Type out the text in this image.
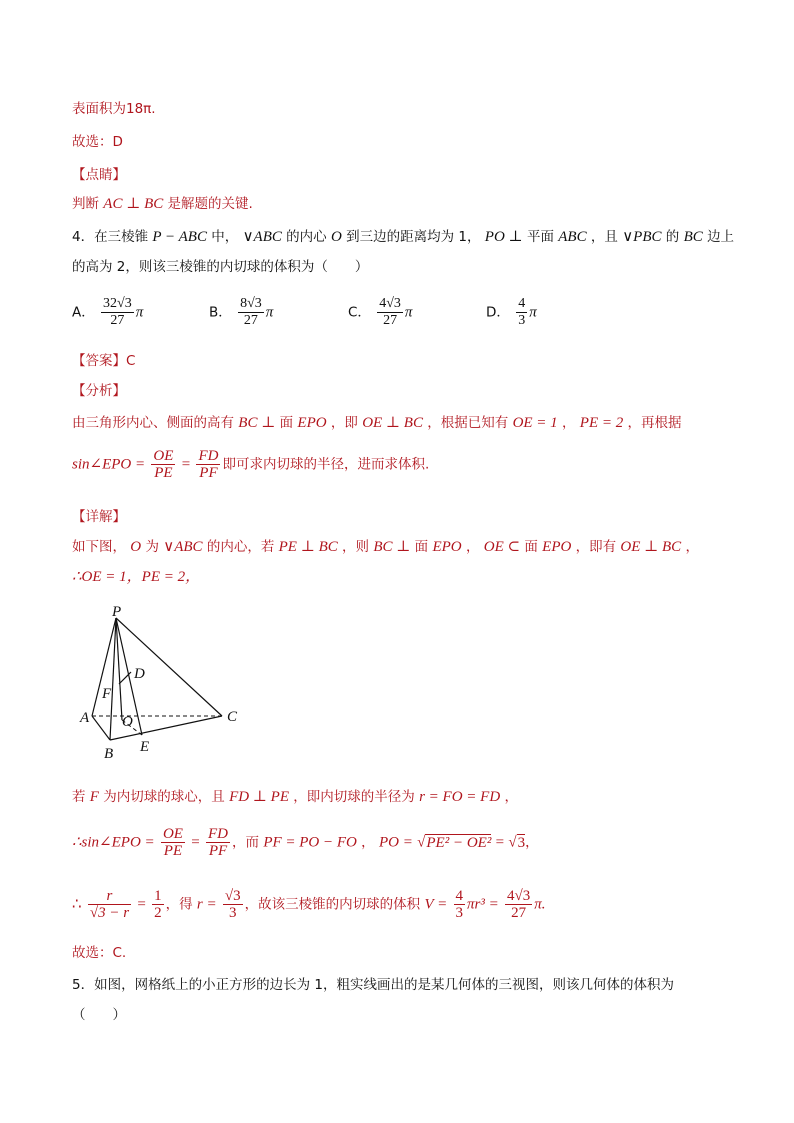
表面积为18π.
故选：D
【点睛】
判断 AC ⊥ BC 是解题的关键.
4．在三棱锥 P − ABC 中， ∨ABC 的内心 O 到三边的距离均为 1， PO ⊥ 平面 ABC ，且 ∨PBC 的 BC 边上
的高为 2，则该三棱锥的内切球的体积为（　　）
A． $\frac{32√3}{27}$ π	B． $\frac{8√3}{27}$ π	C． $\frac{4√3}{27}$ π	D． $\frac{4}{3}$ π
【答案】C
【分析】
由三角形内心、侧面的高有 BC ⊥ 面 EPO ，即 OE ⊥ BC ，根据已知有 OE = 1 ， PE = 2 ，再根据
sin∠EPO = $\frac{OE}{PE} = \frac{FD}{PF}$ 即可求内切球的半径，进而求体积.
【详解】
如下图， O 为 ∨ABC 的内心，若 PE ⊥ BC ，则 BC ⊥ 面 EPO ， OE ⊂ 面 EPO ，即有 OE ⊥ BC ，
∴OE = 1，PE = 2，
P
A
B
C
D
F
O
E
若 F 为内切球的球心，且 FD ⊥ PE ，即内切球的半径为 r = FO = FD ，
∴sin∠EPO = $\frac{OE}{PE} = \frac{FD}{PF}$ ，而 PF = PO − FO ， PO = √PE² − OE² = √3，
∴ $\frac{r}{√3 - r} = \frac{1}{2}$ ，得 $r = \frac{√3}{3}$ ，故该三棱锥的内切球的体积 $V = \frac{4}{3} \pi r^3 = \frac{4√3}{27} \pi$.
故选：C.
5．如图，网格纸上的小正方形的边长为 1，粗实线画出的是某几何体的三视图，则该几何体的体积为
（　　）
